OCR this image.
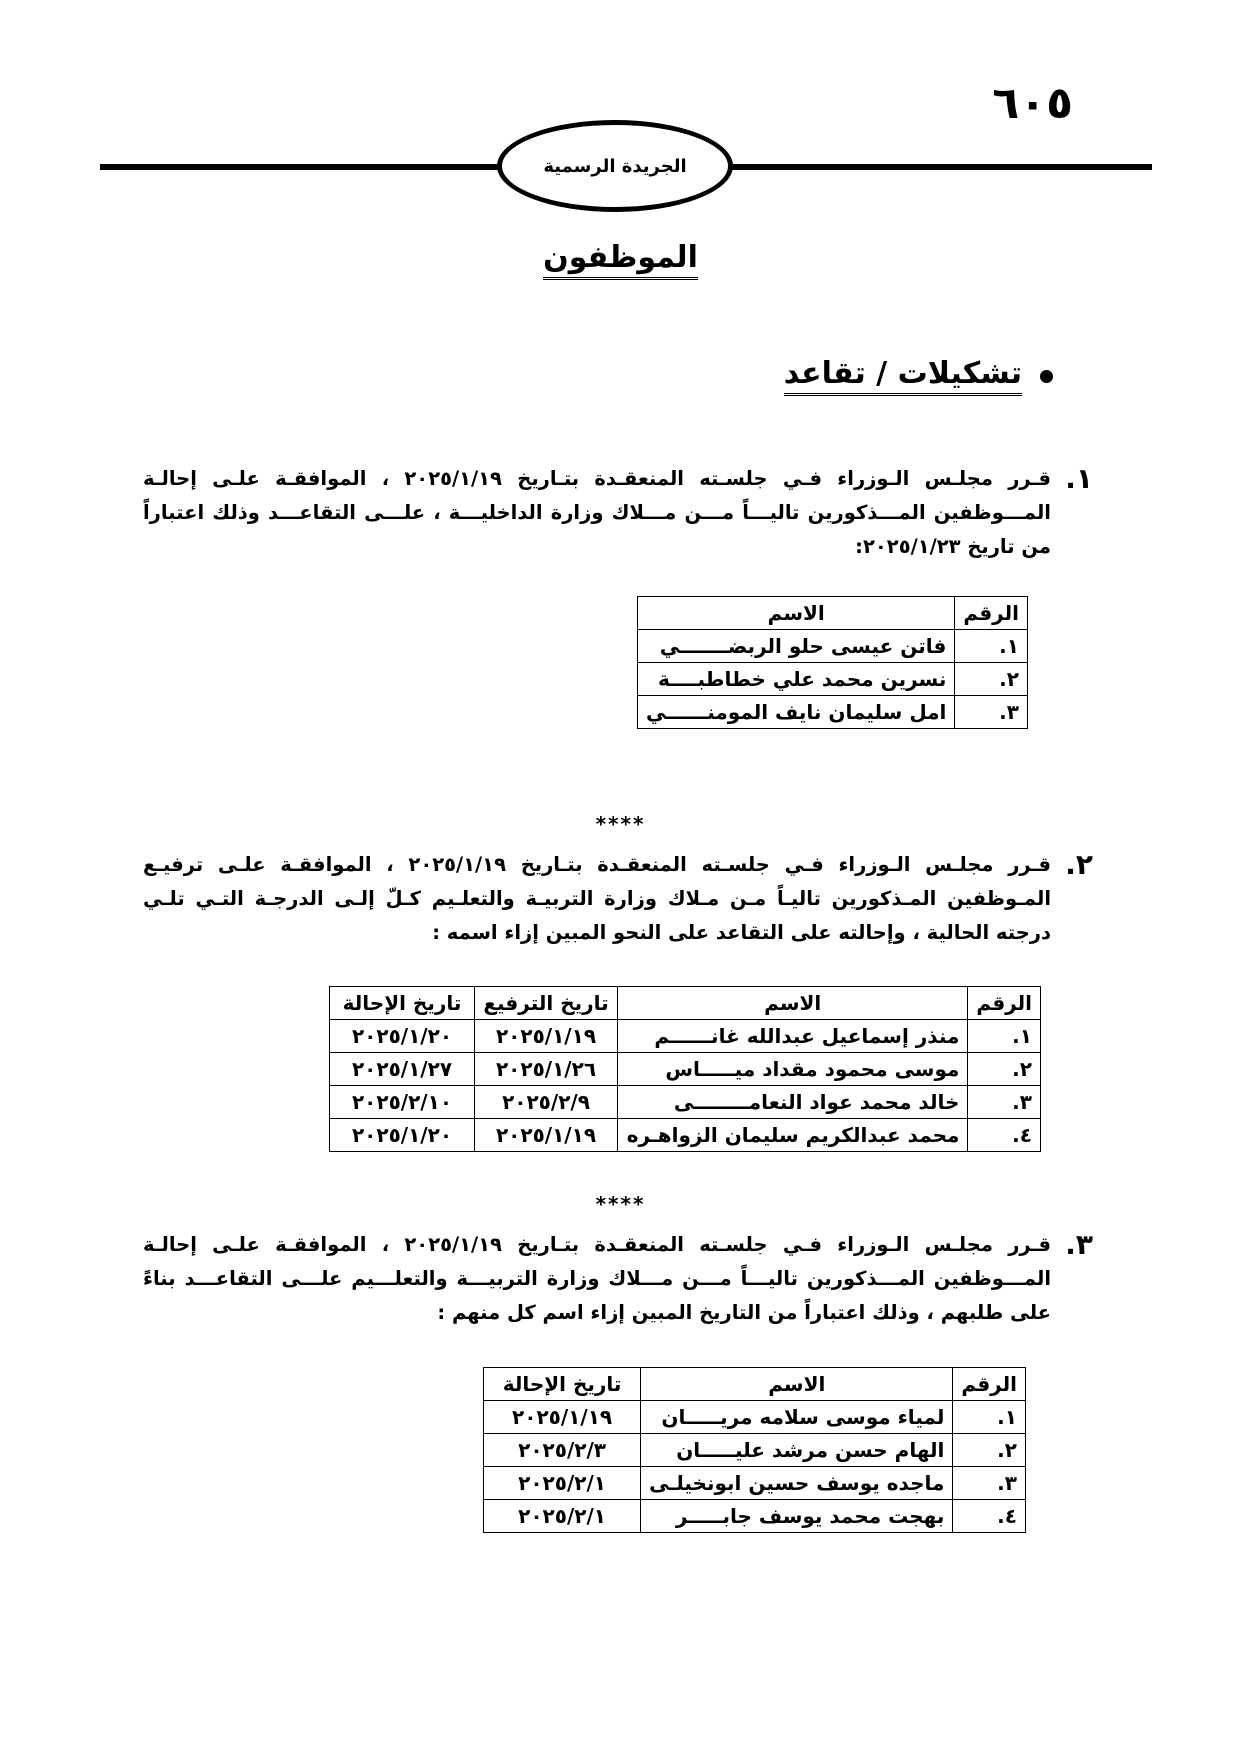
٦٠٥
الجريدة الرسمية
الموظفون
تشكيلات / تقاعد
١.

قـرر مجلـس الـوزراء فـي جلسـته المنعقـدة بتـاريخ ٢٠٢٥/١/١٩ ، الموافقـة علـى إحالـة المـــوظفين المـــذكورين تاليـــاً مـــن مـــلاك وزارة الداخليـــة ، علـــى التقاعـــد وذلك اعتباراً من تاريخ ٢٠٢٥/١/٢٣:

الرقم	الاسم
١.	فاتن عيسى حلو الربضـــــــي
٢.	نسرين محمد علي خطاطبــــة
٣.	امل سليمان نايف المومنــــــي
****
٢.

قـرر مجلـس الـوزراء فـي جلسـته المنعقـدة بتـاريخ ٢٠٢٥/١/١٩ ، الموافقـة علـى ترفيـع المـوظفين المـذكورين تاليـاً مـن مـلاك وزارة التربيـة والتعلـيم كـلّ إلـى الدرجـة التـي تلـي درجته الحالية ، وإحالته على التقاعد على النحو المبين إزاء اسمه :

الرقم	الاسم	تاريخ الترفيع	تاريخ الإحالة
١.	منذر إسماعيل عبدالله غانــــــم	٢٠٢٥/١/١٩	٢٠٢٥/١/٢٠
٢.	موسى محمود مقداد ميـــــاس	٢٠٢٥/١/٢٦	٢٠٢٥/١/٢٧
٣.	خالد محمد عواد النعامــــــــى	٢٠٢٥/٢/٩	٢٠٢٥/٢/١٠
٤.	محمد عبدالكريم سليمان الزواهـره	٢٠٢٥/١/١٩	٢٠٢٥/١/٢٠
****
٣.

قـرر مجلـس الـوزراء فـي جلسـته المنعقـدة بتـاريخ ٢٠٢٥/١/١٩ ، الموافقـة علـى إحالـة المـــوظفين المـــذكورين تاليـــاً مـــن مـــلاك وزارة التربيـــة والتعلـــيم علـــى التقاعـــد بناءً على طلبهم ، وذلك اعتباراً من التاريخ المبين إزاء اسم كل منهم :

الرقم	الاسم	تاريخ الإحالة
١.	لمياء موسى سلامه مريـــــان	٢٠٢٥/١/١٩
٢.	الهام حسن مرشد عليـــــان	٢٠٢٥/٢/٣
٣.	ماجده يوسف حسين ابونخيلـى	٢٠٢٥/٢/١
٤.	بهجت محمد يوسف جابـــــر	٢٠٢٥/٢/١
